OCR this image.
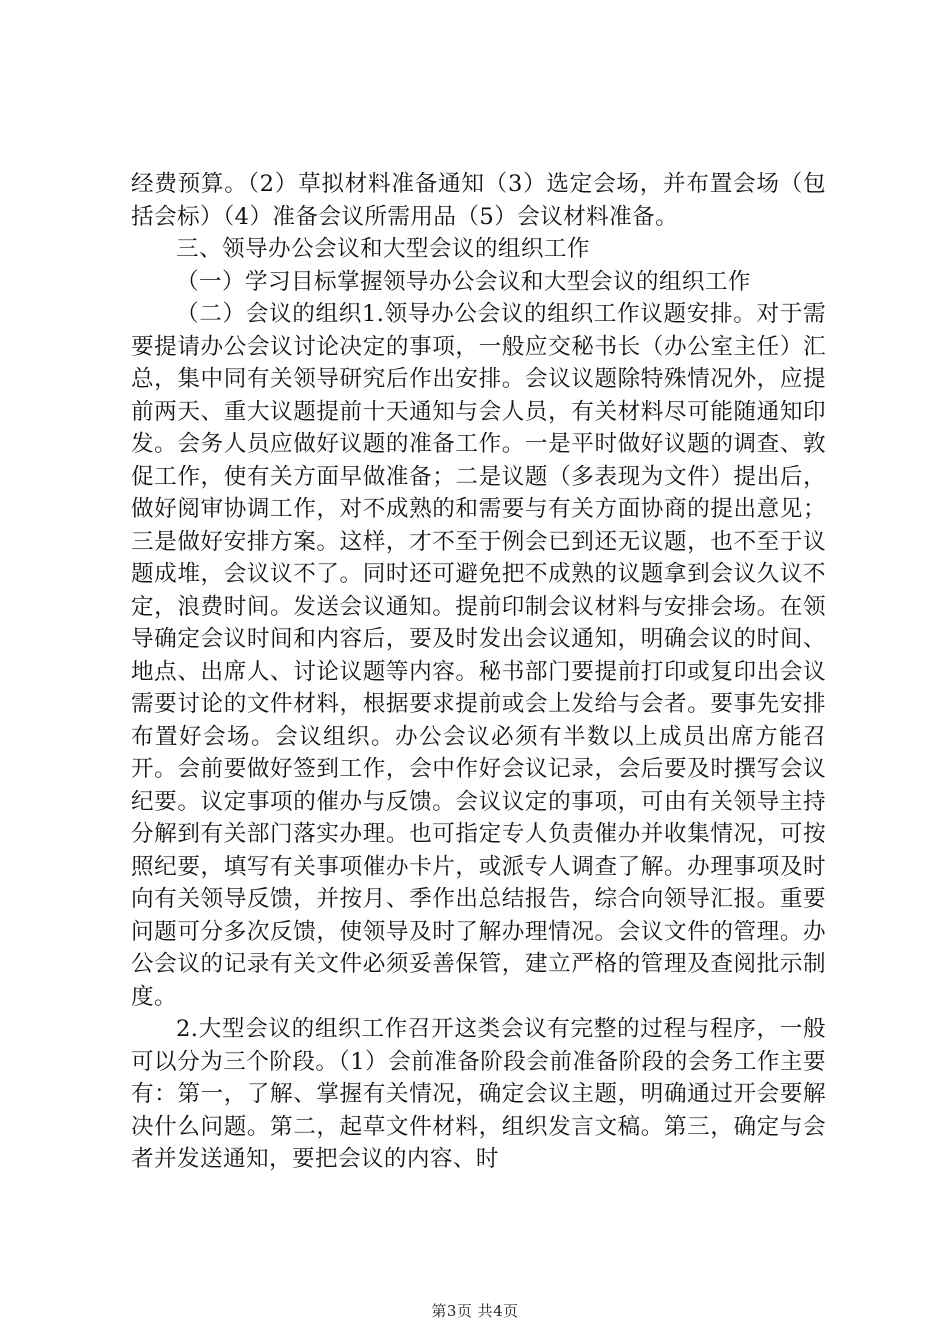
经费预算。（2）草拟材料准备通知（3）选定会场，并布置会场（包括会标）（4）准备会议所需用品（5）会议材料准备。

三、领导办公会议和大型会议的组织工作

（一）学习目标掌握领导办公会议和大型会议的组织工作

（二）会议的组织1.领导办公会议的组织工作议题安排。对于需要提请办公会议讨论决定的事项，一般应交秘书长（办公室主任）汇总，集中同有关领导研究后作出安排。会议议题除特殊情况外，应提前两天、重大议题提前十天通知与会人员，有关材料尽可能随通知印发。会务人员应做好议题的准备工作。一是平时做好议题的调查、敦促工作，使有关方面早做准备；二是议题（多表现为文件）提出后，做好阅审协调工作，对不成熟的和需要与有关方面协商的提出意见；三是做好安排方案。这样，才不至于例会已到还无议题，也不至于议题成堆，会议议不了。同时还可避免把不成熟的议题拿到会议久议不定，浪费时间。发送会议通知。提前印制会议材料与安排会场。在领导确定会议时间和内容后，要及时发出会议通知，明确会议的时间、地点、出席人、讨论议题等内容。秘书部门要提前打印或复印出会议需要讨论的文件材料，根据要求提前或会上发给与会者。要事先安排布置好会场。会议组织。办公会议必须有半数以上成员出席方能召开。会前要做好签到工作，会中作好会议记录，会后要及时撰写会议纪要。议定事项的催办与反馈。会议议定的事项，可由有关领导主持分解到有关部门落实办理。也可指定专人负责催办并收集情况，可按照纪要，填写有关事项催办卡片，或派专人调查了解。办理事项及时向有关领导反馈，并按月、季作出总结报告，综合向领导汇报。重要问题可分多次反馈，使领导及时了解办理情况。会议文件的管理。办公会议的记录有关文件必须妥善保管，建立严格的管理及查阅批示制度。

2.大型会议的组织工作召开这类会议有完整的过程与程序，一般可以分为三个阶段。（1）会前准备阶段会前准备阶段的会务工作主要有：第一，了解、掌握有关情况，确定会议主题，明确通过开会要解决什么问题。第二，起草文件材料，组织发言文稿。第三，确定与会者并发送通知，要把会议的内容、时

第3页 共4页
